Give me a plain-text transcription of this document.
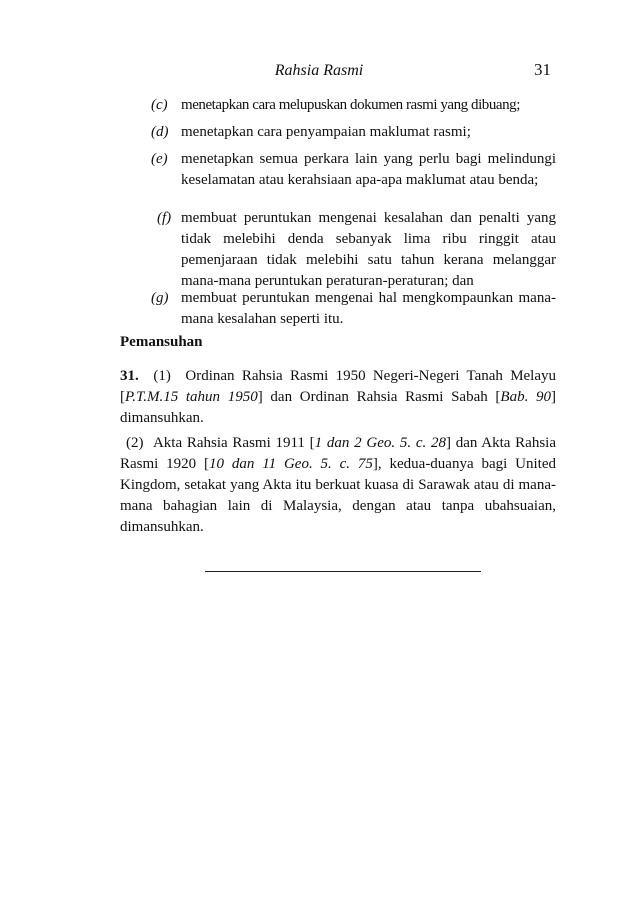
Rahsia Rasmi	31
(c) menetapkan cara melupuskan dokumen rasmi yang dibuang;
(d) menetapkan cara penyampaian maklumat rasmi;
(e) menetapkan semua perkara lain yang perlu bagi melindungi keselamatan atau kerahsiaan apa-apa maklumat atau benda;
(f) membuat peruntukan mengenai kesalahan dan penalti yang tidak melebihi denda sebanyak lima ribu ringgit atau pemenjaraan tidak melebihi satu tahun kerana melanggar mana-mana peruntukan peraturan-peraturan; dan
(g) membuat peruntukan mengenai hal mengkompaunkan mana-mana kesalahan seperti itu.
Pemansuhan
31. (1) Ordinan Rahsia Rasmi 1950 Negeri-Negeri Tanah Melayu [P.T.M.15 tahun 1950] dan Ordinan Rahsia Rasmi Sabah [Bab. 90] dimansuhkan.
(2) Akta Rahsia Rasmi 1911 [1 dan 2 Geo. 5. c. 28] dan Akta Rahsia Rasmi 1920 [10 dan 11 Geo. 5. c. 75], kedua-duanya bagi United Kingdom, setakat yang Akta itu berkuat kuasa di Sarawak atau di mana-mana bahagian lain di Malaysia, dengan atau tanpa ubahsuaian, dimansuhkan.
